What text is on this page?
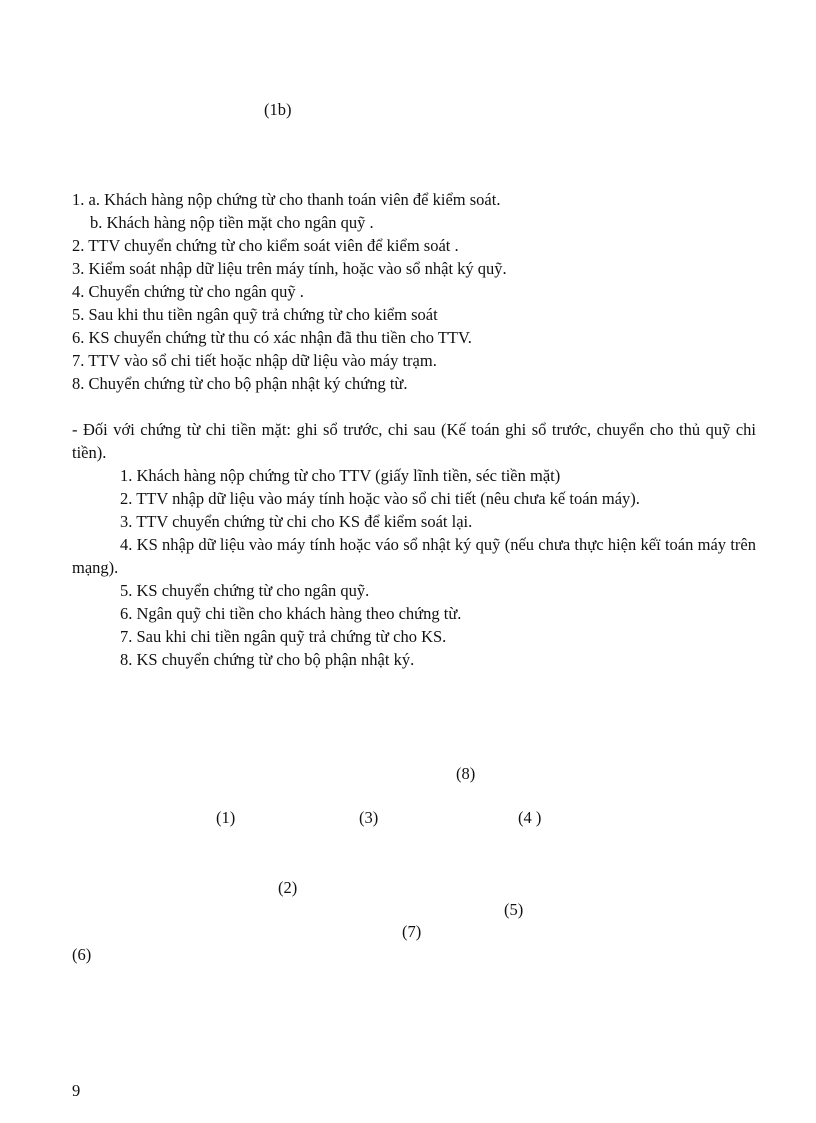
(1b)
1. a. Khách hàng nộp chứng từ cho thanh toán viên để kiểm soát.
b. Khách hàng nộp tiền mặt cho ngân quỹ .
2. TTV chuyển chứng từ cho kiểm soát viên để kiểm soát .
3. Kiểm soát nhập dữ liệu trên máy tính, hoặc vào sổ nhật ký quỹ.
4. Chuyển chứng từ cho ngân quỹ .
5. Sau khi thu tiền ngân quỹ trả chứng từ cho kiểm soát
6. KS chuyển chứng từ thu có xác nhận đã thu tiền cho TTV.
7. TTV vào sổ chi tiết hoặc nhập dữ liệu vào máy trạm.
8. Chuyển chứng từ cho bộ phận nhật ký chứng từ.
- Đối với chứng từ chi tiền mặt: ghi sổ trước, chi sau (Kế toán ghi sổ trước, chuyển cho thủ quỹ chi tiền).
1. Khách hàng nộp chứng từ cho TTV (giấy lĩnh tiền, séc tiền mặt)
2. TTV nhập dữ liệu vào máy tính hoặc vào sổ chi tiết (nêu chưa kế toán máy).
3. TTV chuyển chứng từ chi cho KS để kiểm soát lại.
4. KS nhập dữ liệu vào máy tính hoặc váo sổ nhật ký quỹ (nếu chưa thực hiện kếï toán máy trên mạng).
5. KS chuyển chứng từ cho ngân quỹ.
6. Ngân quỹ chi tiền cho khách hàng theo chứng từ.
7. Sau khi chi tiền ngân quỹ trả chứng từ cho KS.
8. KS chuyển chứng từ cho bộ phận nhật ký.
(8)
(1)	(3)	(4 )
(2)
(5)
(7)
(6)
9
